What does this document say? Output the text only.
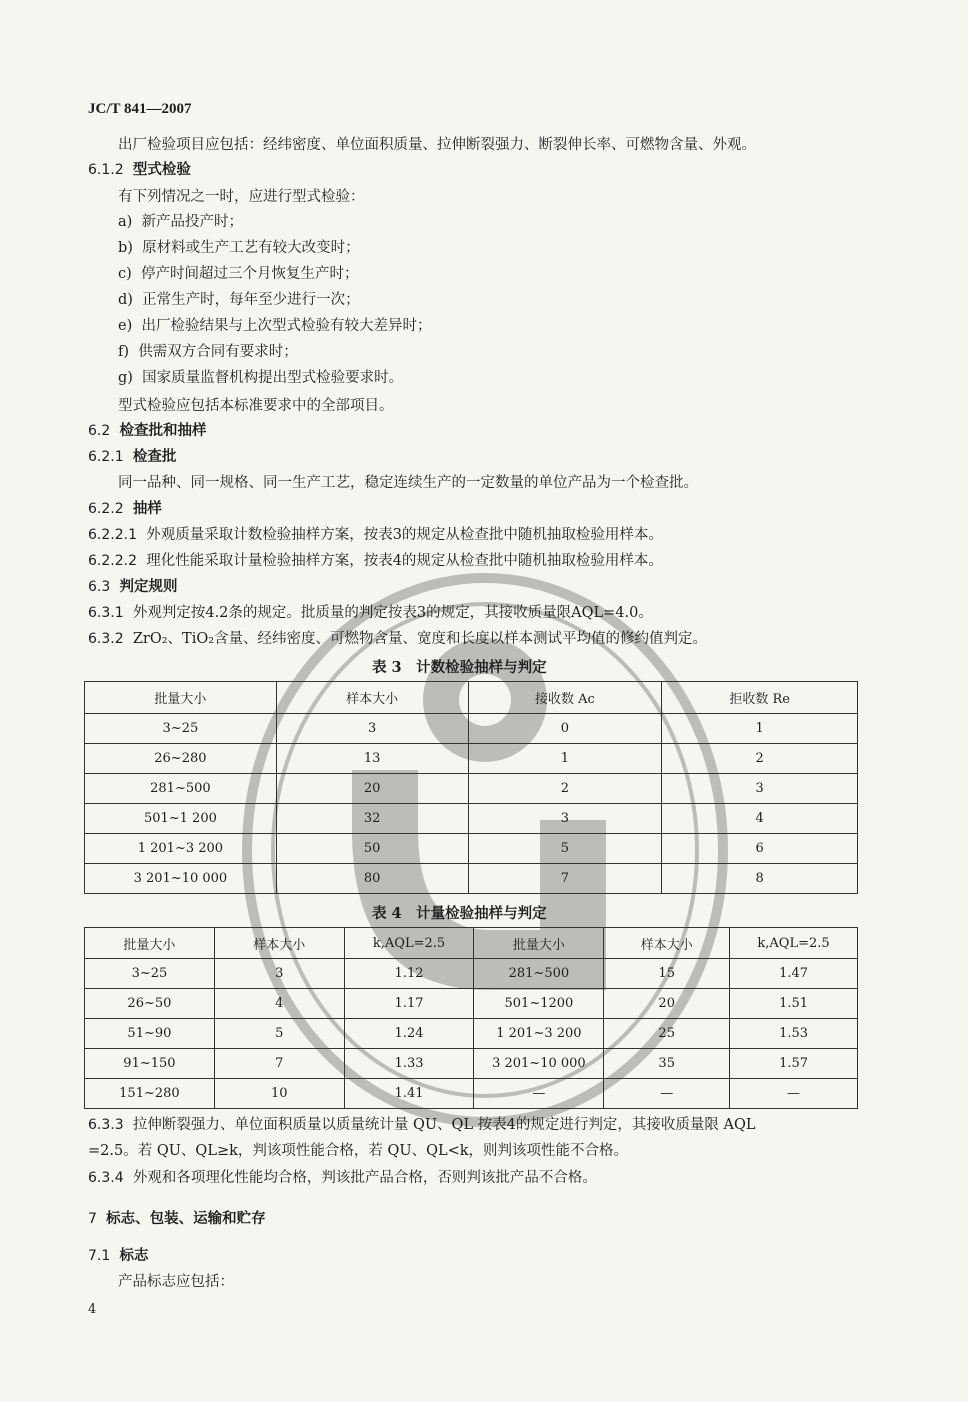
JC/T 841—2007
出厂检验项目应包括：经纬密度、单位面积质量、拉伸断裂强力、断裂伸长率、可燃物含量、外观。
6.1.2 型式检验
有下列情况之一时，应进行型式检验：
a) 新产品投产时；
b) 原材料或生产工艺有较大改变时；
c) 停产时间超过三个月恢复生产时；
d) 正常生产时，每年至少进行一次；
e) 出厂检验结果与上次型式检验有较大差异时；
f) 供需双方合同有要求时；
g) 国家质量监督机构提出型式检验要求时。
型式检验应包括本标准要求中的全部项目。
6.2 检查批和抽样
6.2.1 检查批
同一品种、同一规格、同一生产工艺，稳定连续生产的一定数量的单位产品为一个检查批。
6.2.2 抽样
6.2.2.1 外观质量采取计数检验抽样方案，按表3的规定从检查批中随机抽取检验用样本。
6.2.2.2 理化性能采取计量检验抽样方案，按表4的规定从检查批中随机抽取检验用样本。
6.3 判定规则
6.3.1 外观判定按4.2条的规定。批质量的判定按表3的规定，其接收质量限AQL=4.0。
6.3.2 ZrO₂、TiO₂含量、经纬密度、可燃物含量、宽度和长度以样本测试平均值的修约值判定。
表 3　计数检验抽样与判定
批量大小	样本大小	接收数 Ac	拒收数 Re
3~25	3	0	1
26~280	13	1	2
281~500	20	2	3
501~1 200	32	3	4
1 201~3 200	50	5	6
3 201~10 000	80	7	8
表 4　计量检验抽样与判定
批量大小	样本大小	k,AQL=2.5	批量大小	样本大小	k,AQL=2.5
3~25	3	1.12	281~500	15	1.47
26~50	4	1.17	501~1200	20	1.51
51~90	5	1.24	1 201~3 200	25	1.53
91~150	7	1.33	3 201~10 000	35	1.57
151~280	10	1.41	—	—	—
6.3.3 拉伸断裂强力、单位面积质量以质量统计量 QU、QL 按表4的规定进行判定，其接收质量限 AQL
=2.5。若 QU、QL≥k，判该项性能合格，若 QU、QL<k，则判该项性能不合格。
6.3.4 外观和各项理化性能均合格，判该批产品合格，否则判该批产品不合格。
7 标志、包装、运输和贮存
7.1 标志
产品标志应包括：
4
